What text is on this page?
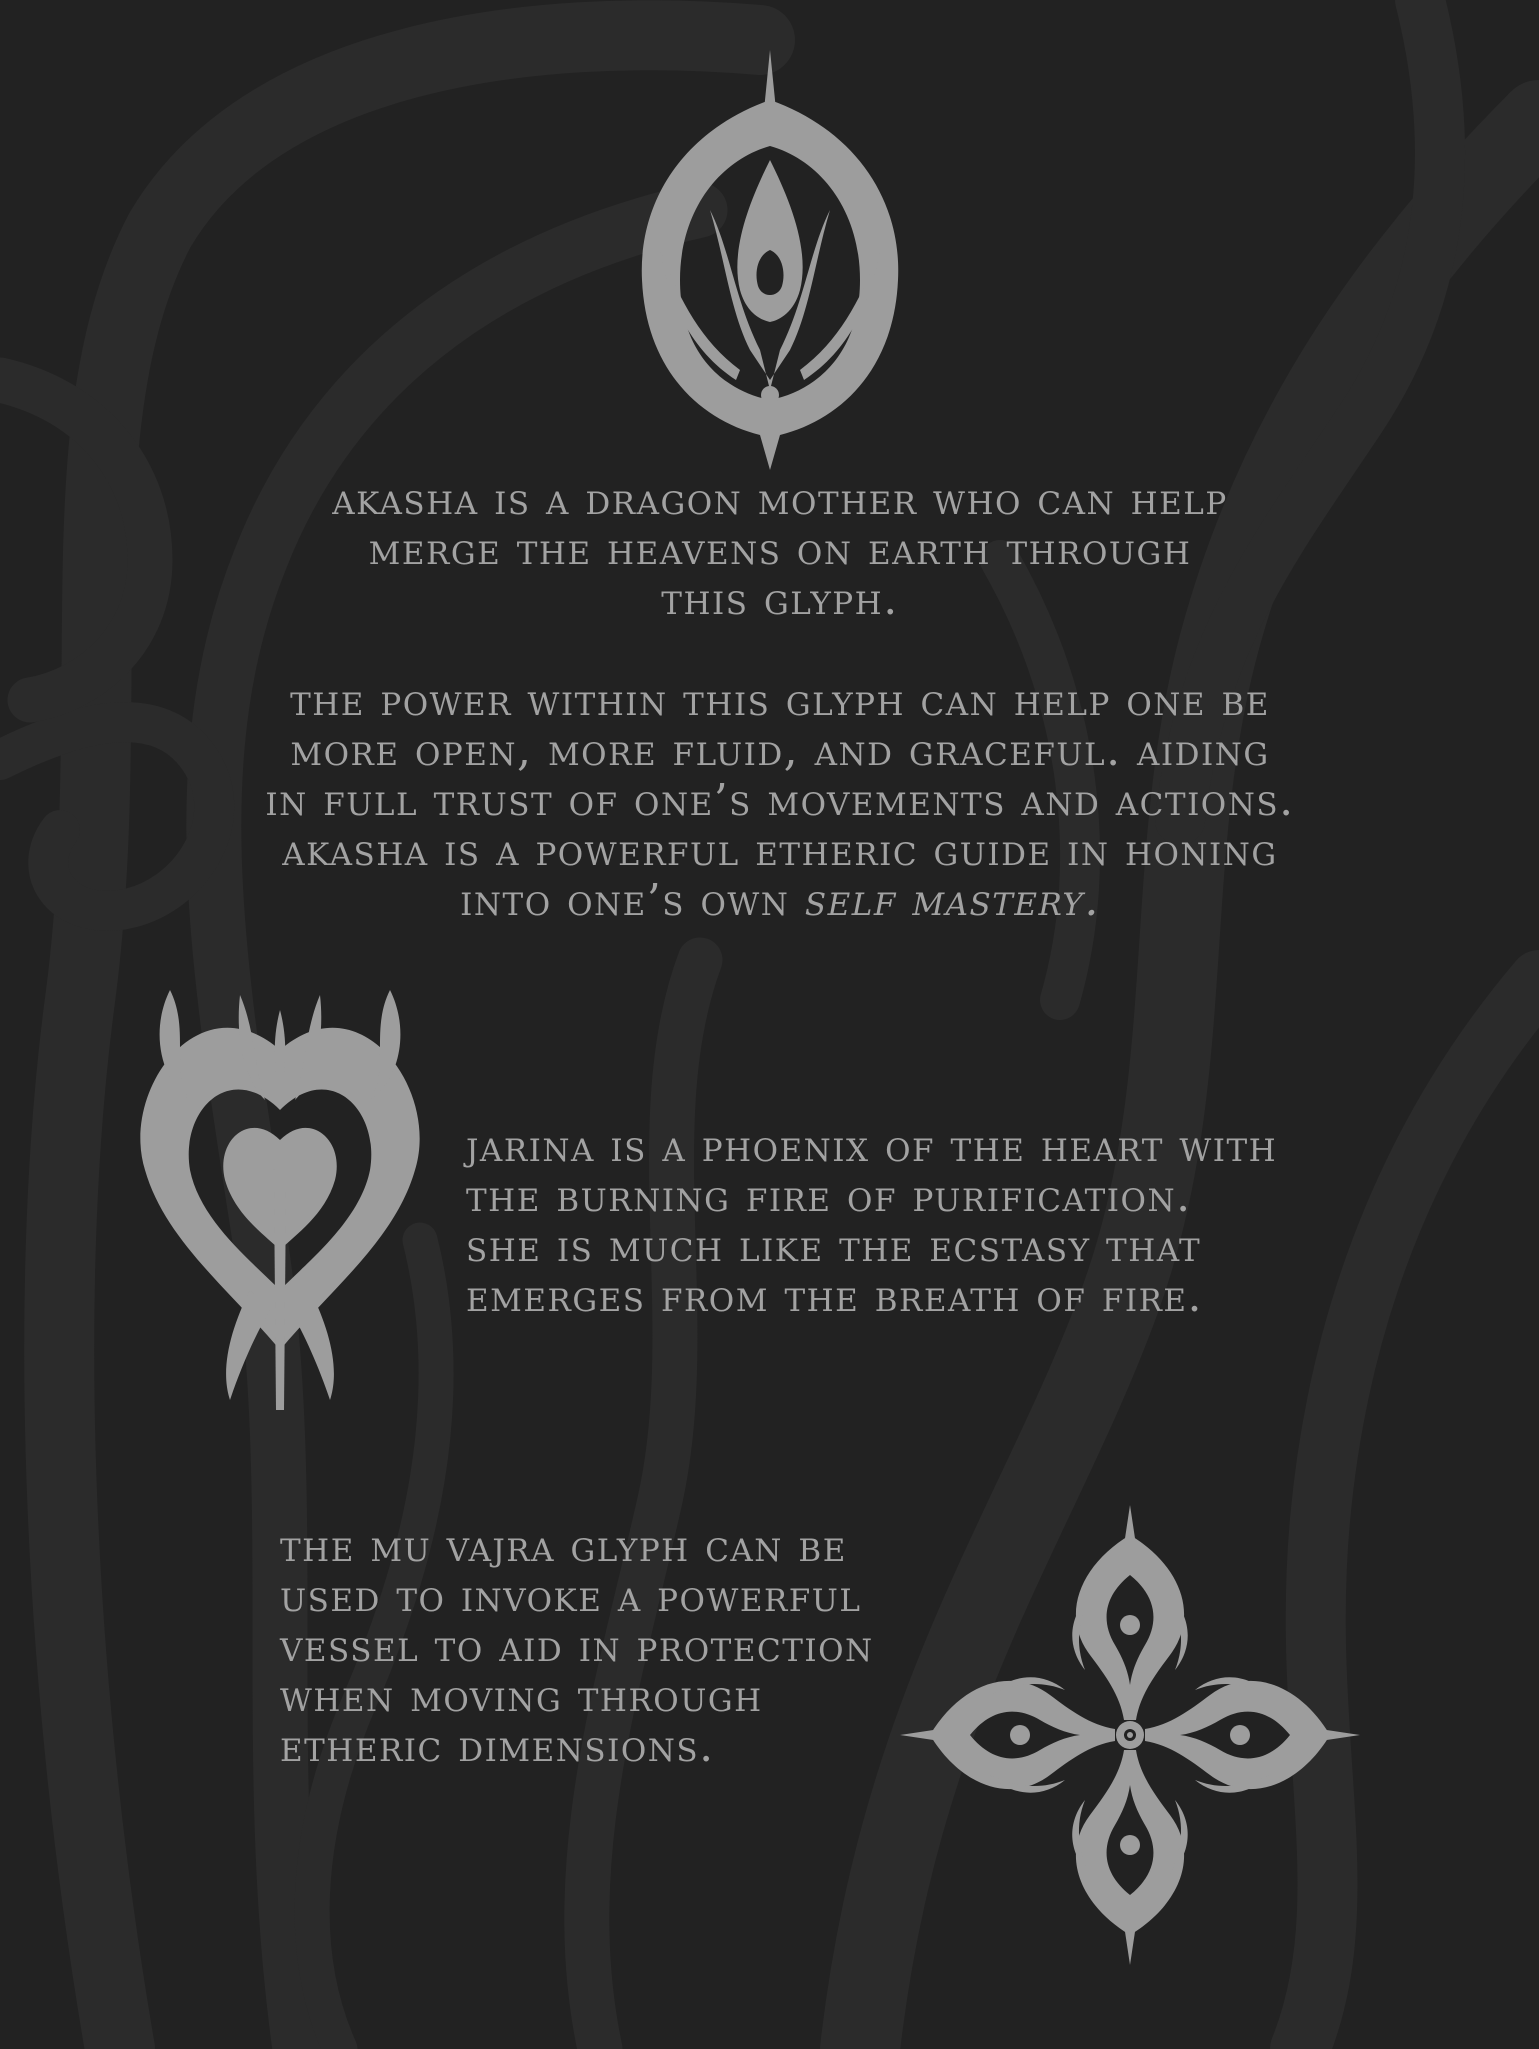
akasha is a dragon mother who can help

merge the heavens on earth through

this glyph.

the power within this glyph can help one be

more open, more fluid, and graceful. aiding

in full trust of one’s movements and actions.

akasha is a powerful etheric guide in honing

into one’s own self mastery.

jarina is a phoenix of the heart with

the burning fire of purification.

she is much like the ecstasy that

emerges from the breath of fire.

the mu vajra glyph can be

used to invoke a powerful

vessel to aid in protection

when moving through

etheric dimensions.
